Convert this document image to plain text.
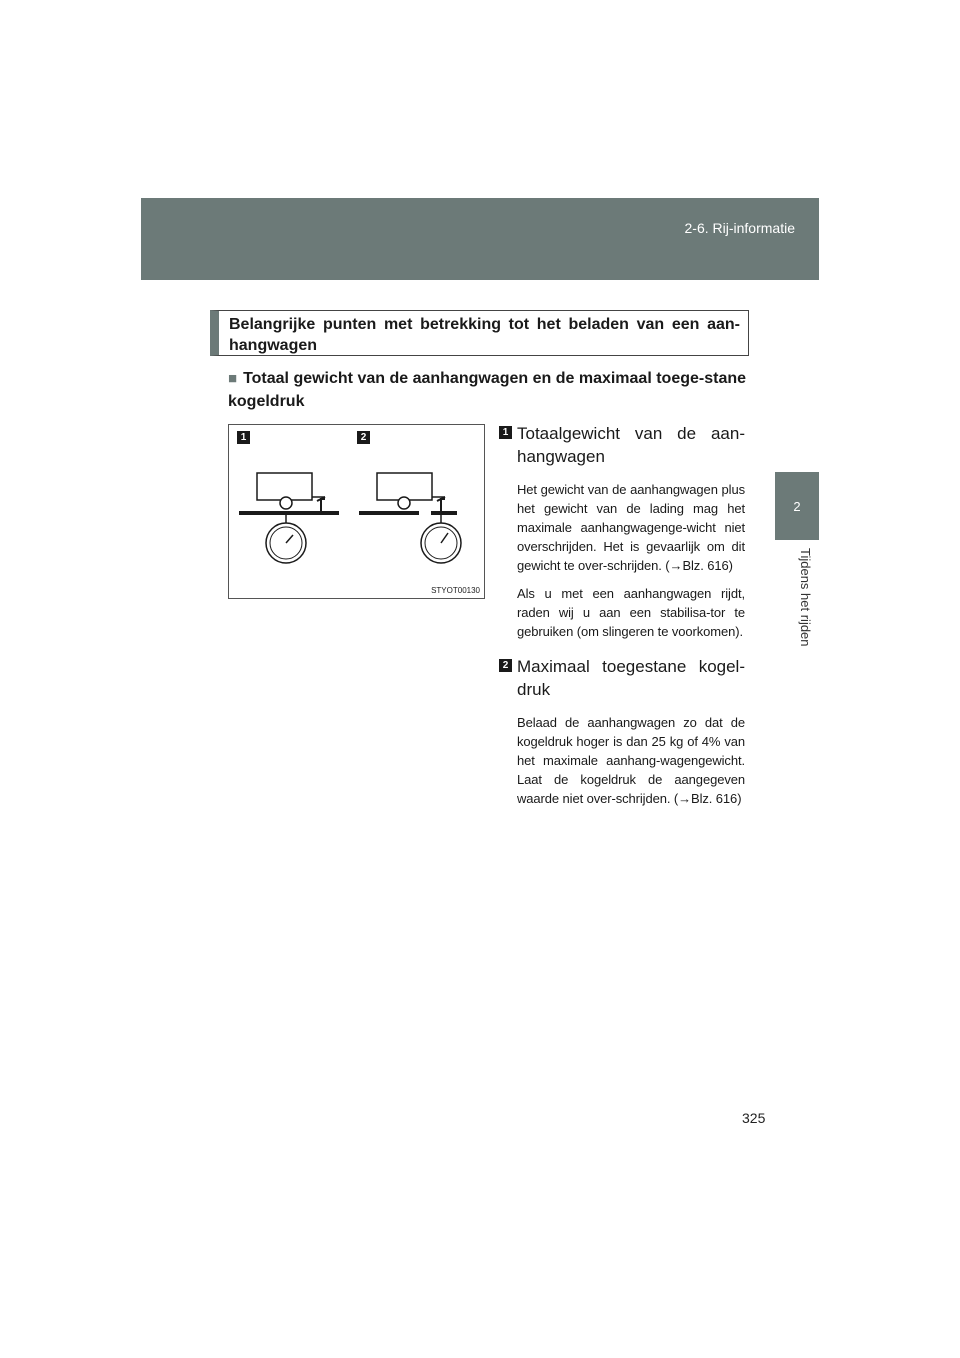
2-6. Rij-informatie
2
Tijdens het rijden
Belangrijke punten met betrekking tot het beladen van een aan-hangwagen
■ Totaal gewicht van de aanhangwagen en de maximaal toege-stane kogeldruk
1	2
STYOT00130
1 Totaalgewicht van de aan-hangwagen

Het gewicht van de aanhangwagen plus het gewicht van de lading mag het maximale aanhangwagenge-wicht niet overschrijden. Het is gevaarlijk om dit gewicht te over-schrijden. (→Blz. 616)

Als u met een aanhangwagen rijdt, raden wij u aan een stabilisa-tor te gebruiken (om slingeren te voorkomen).

2 Maximaal toegestane kogel-druk

Belaad de aanhangwagen zo dat de kogeldruk hoger is dan 25 kg of 4% van het maximale aanhang-wagengewicht. Laat de kogeldruk de aangegeven waarde niet over-schrijden. (→Blz. 616)

325
